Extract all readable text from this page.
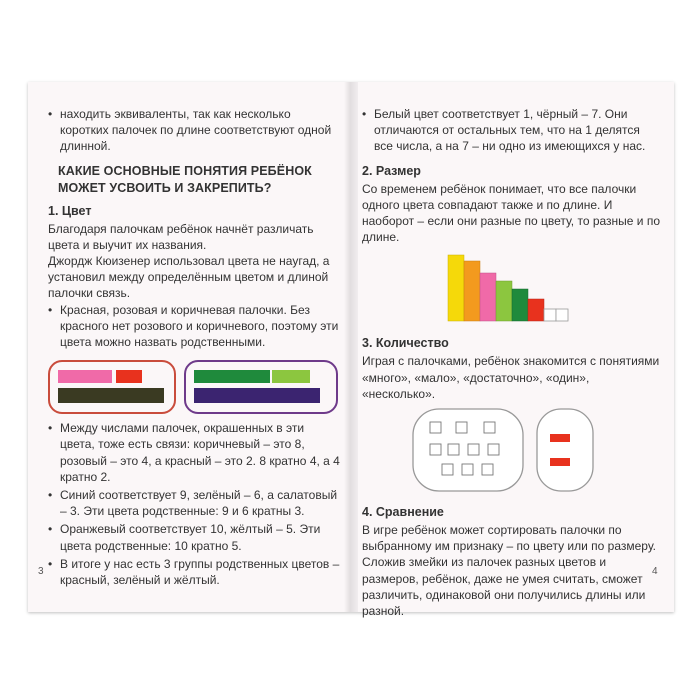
• находить эквиваленты, так как несколько коротких палочек по длине соответствуют одной длинной.
КАКИЕ ОСНОВНЫЕ ПОНЯТИЯ РЕБЁНОК МОЖЕТ УСВОИТЬ И ЗАКРЕПИТЬ?
1. Цвет

Благодаря палочкам ребёнок начнёт различать цвета и выучит их названия.

Джордж Кюизенер использовал цвета не наугад, а установил между определённым цветом и длиной палочки связь.

• Красная, розовая и коричневая палочки. Без красного нет розового и коричневого, поэтому эти цвета можно назвать родственными.
• Между числами палочек, окрашенных в эти цвета, тоже есть связи: коричневый – это 8, розовый – это 4, а красный – это 2. 8 кратно 4, а 4 кратно 2.
• Синий соответствует 9, зелёный – 6, а салатовый – 3. Эти цвета родственные: 9 и 6 кратны 3.
• Оранжевый соответствует 10, жёлтый – 5. Эти цвета родственные: 10 кратно 5.
• В итоге у нас есть 3 группы родственных цветов – красный, зелёный и жёлтый.
3
• Белый цвет соответствует 1, чёрный – 7. Они отличаются от остальных тем, что на 1 делятся все числа, а на 7 – ни одно из имеющихся у нас.
2. Размер

Со временем ребёнок понимает, что все палочки одного цвета совпадают также и по длине. И наоборот – если они разные по цвету, то разные и по длине.

3. Количество

Играя с палочками, ребёнок знакомится с понятиями «много», «мало», «достаточно», «один», «несколько».

4. Сравнение

В игре ребёнок может сортировать палочки по выбранному им признаку – по цвету или по размеру. Сложив змейки из палочек разных цветов и размеров, ребёнок, даже не умея считать, сможет различить, одинаковой они получились длины или разной.

4
